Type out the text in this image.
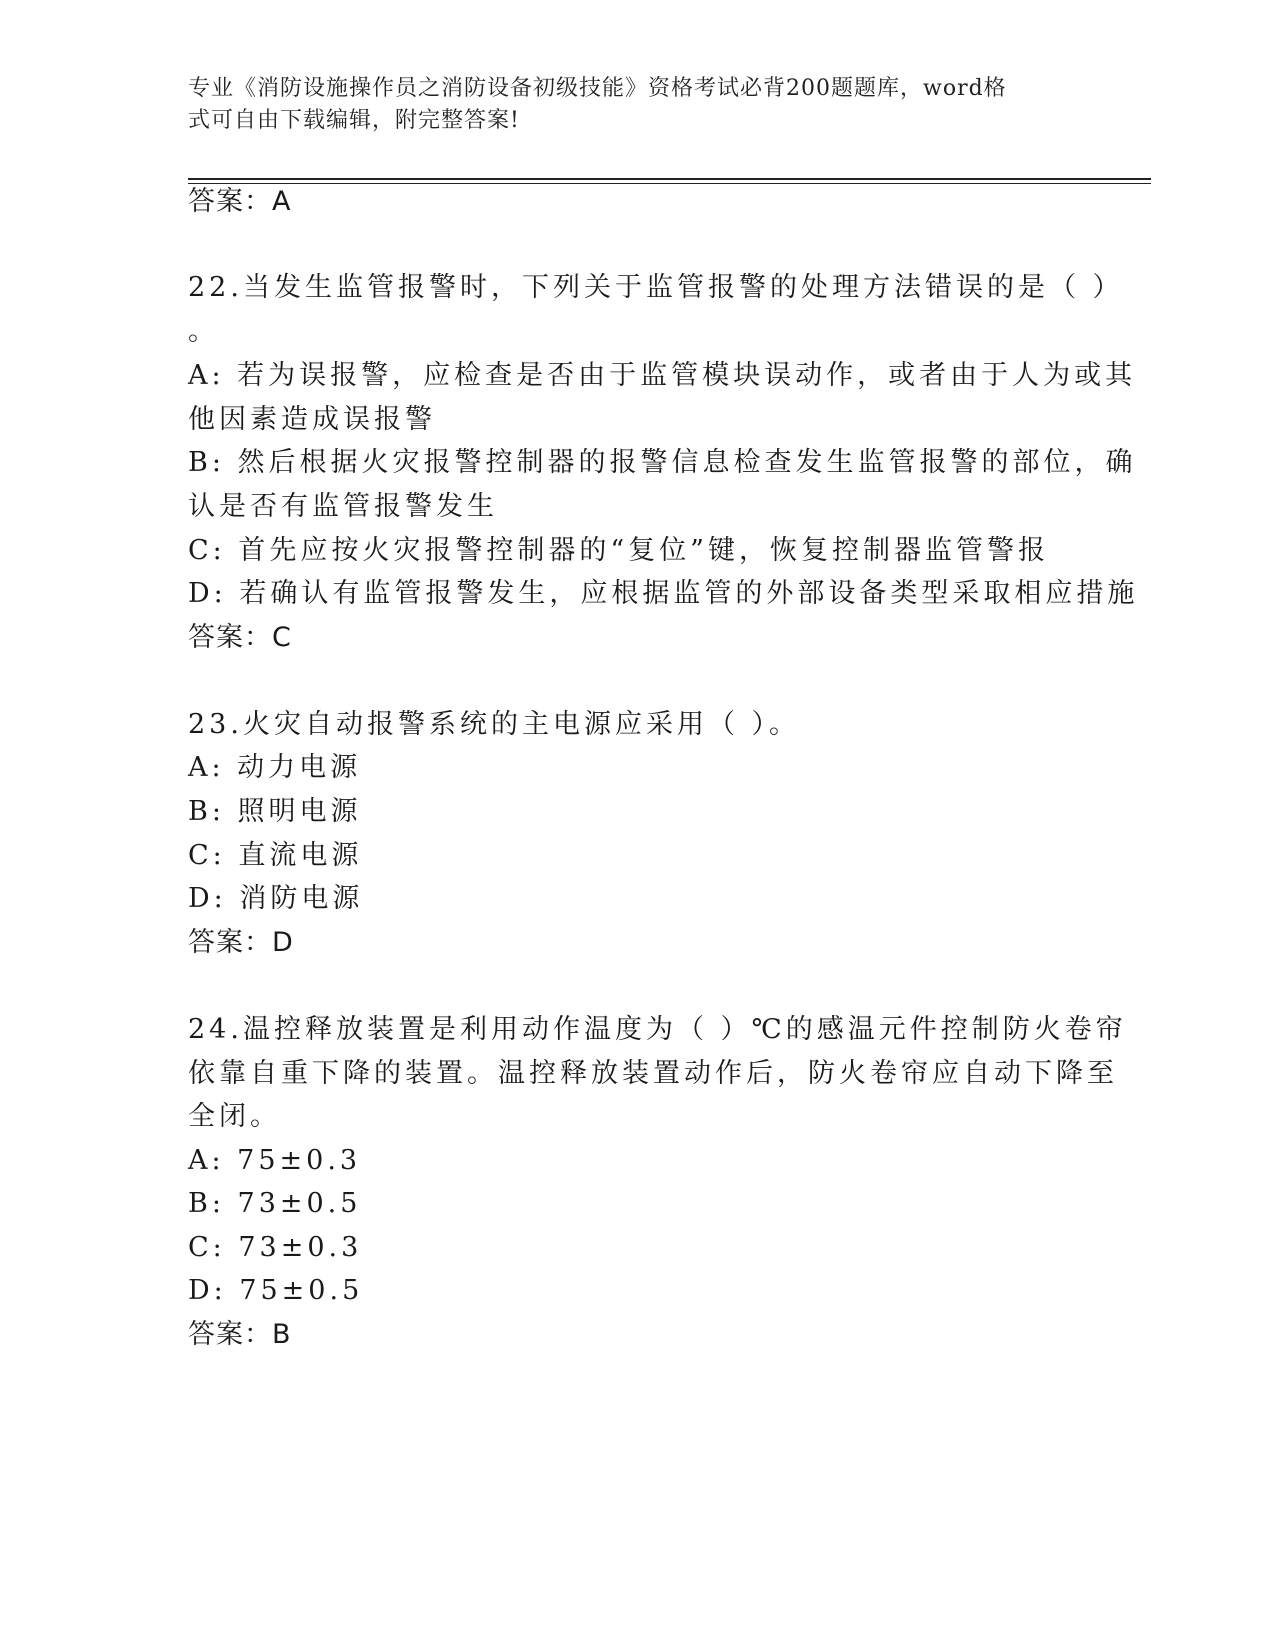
专业《消防设施操作员之消防设备初级技能》资格考试必背200题题库，word格
式可自由下载编辑，附完整答案!
答案：A
22.当发生监管报警时，下列关于监管报警的处理方法错误的是（ ）
。
A: 若为误报警，应检查是否由于监管模块误动作，或者由于人为或其
他因素造成误报警
B: 然后根据火灾报警控制器的报警信息检查发生监管报警的部位，确
认是否有监管报警发生
C: 首先应按火灾报警控制器的“复位”键，恢复控制器监管警报
D: 若确认有监管报警发生，应根据监管的外部设备类型采取相应措施
答案：C
23.火灾自动报警系统的主电源应采用（ ）。
A: 动力电源
B: 照明电源
C: 直流电源
D: 消防电源
答案：D
24.温控释放装置是利用动作温度为（ ）℃的感温元件控制防火卷帘
依靠自重下降的装置。温控释放装置动作后，防火卷帘应自动下降至
全闭。
A: 75±0.3
B: 73±0.5
C: 73±0.3
D: 75±0.5
答案：B
